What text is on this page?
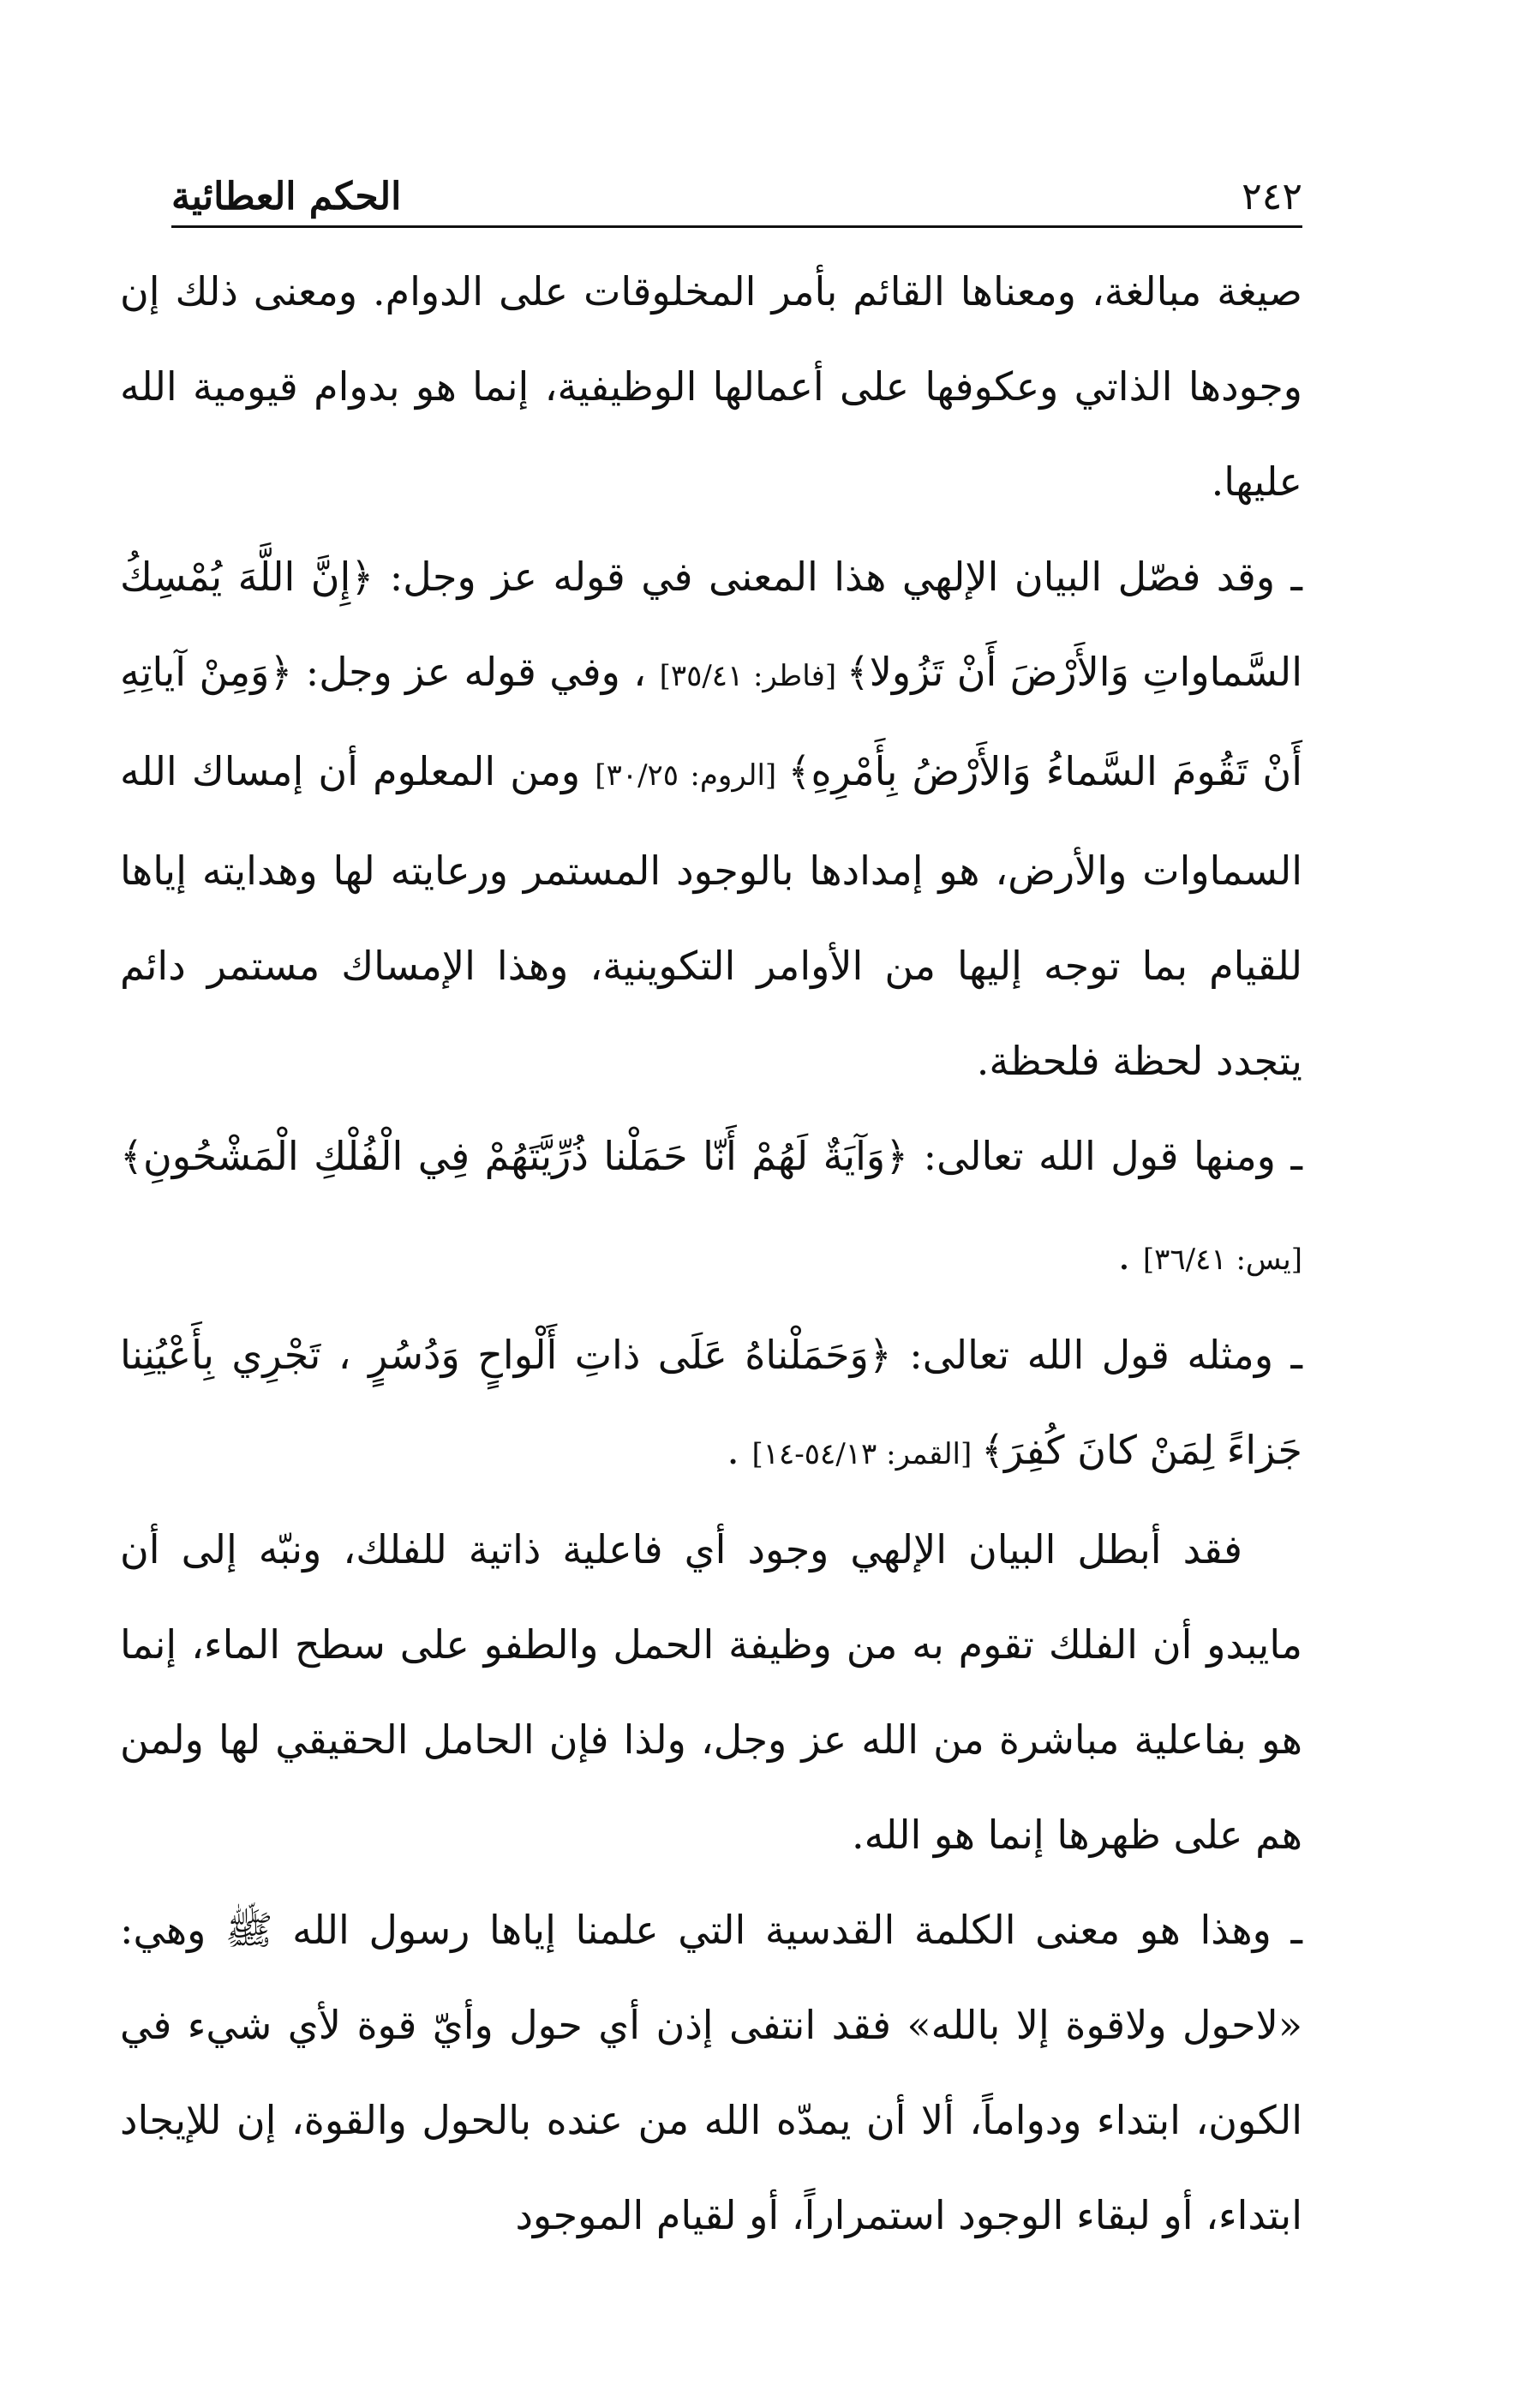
٢٤٢
الحكم العطائية

صيغة مبالغة، ومعناها القائم بأمر المخلوقات على الدوام. ومعنى ذلك إن وجودها الذاتي وعكوفها على أعمالها الوظيفية، إنما هو بدوام قيومية الله عليها.

ـ وقد فصّل البيان الإلهي هذا المعنى في قوله عز وجل: ﴿إِنَّ اللَّهَ يُمْسِكُ السَّماواتِ وَالأَرْضَ أَنْ تَزُولا﴾ [فاطر: ٣٥/٤١] ، وفي قوله عز وجل: ﴿وَمِنْ آياتِهِ أَنْ تَقُومَ السَّماءُ وَالأَرْضُ بِأَمْرِهِ﴾ [الروم: ٣٠/٢٥] ومن المعلوم أن إمساك الله السماوات والأرض، هو إمدادها بالوجود المستمر ورعايته لها وهدايته إياها للقيام بما توجه إليها من الأوامر التكوينية، وهذا الإمساك مستمر دائم يتجدد لحظة فلحظة.

ـ ومنها قول الله تعالى: ﴿وَآيَةٌ لَهُمْ أَنّا حَمَلْنا ذُرِّيَّتَهُمْ فِي الْفُلْكِ الْمَشْحُونِ﴾ [يس: ٣٦/٤١] .

ـ ومثله قول الله تعالى: ﴿وَحَمَلْناهُ عَلَى ذاتِ أَلْواحٍ وَدُسُرٍ ، تَجْرِي بِأَعْيُنِنا جَزاءً لِمَنْ كانَ كُفِرَ﴾ [القمر: ٥٤/١٣-١٤] .

فقد أبطل البيان الإلهي وجود أي فاعلية ذاتية للفلك، ونبّه إلى أن مايبدو أن الفلك تقوم به من وظيفة الحمل والطفو على سطح الماء، إنما هو بفاعلية مباشرة من الله عز وجل، ولذا فإن الحامل الحقيقي لها ولمن هم على ظهرها إنما هو الله.

ـ وهذا هو معنى الكلمة القدسية التي علمنا إياها رسول الله ﷺ وهي: «لاحول ولاقوة إلا بالله» فقد انتفى إذن أي حول وأيّ قوة لأي شيء في الكون، ابتداء ودواماً، ألا أن يمدّه الله من عنده بالحول والقوة، إن للإيجاد ابتداء، أو لبقاء الوجود استمراراً، أو لقيام الموجود
